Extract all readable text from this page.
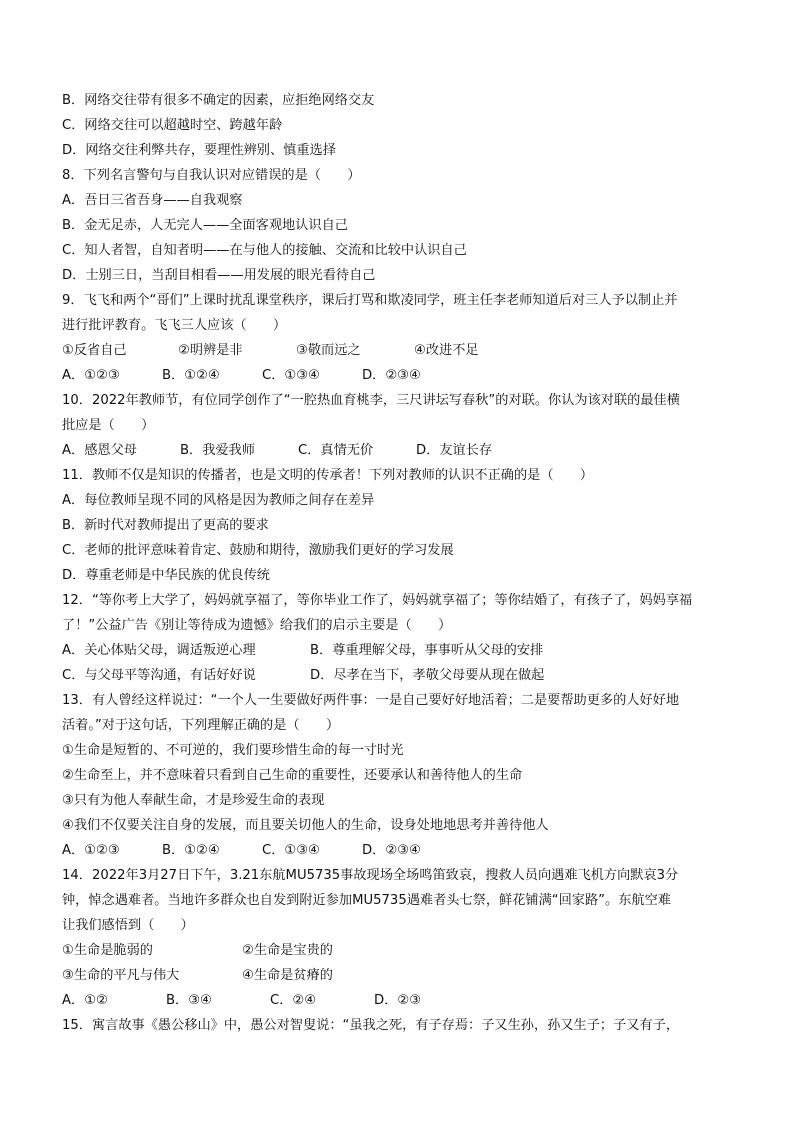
B．网络交往带有很多不确定的因素，应拒绝网络交友
C．网络交往可以超越时空、跨越年龄
D．网络交往利弊共存，要理性辨别、慎重选择
8．下列名言警句与自我认识对应错误的是（　　）
A．吾日三省吾身——自我观察
B．金无足赤，人无完人——全面客观地认识自己
C．知人者智，自知者明——在与他人的接触、交流和比较中认识自己
D．士别三日，当刮目相看——用发展的眼光看待自己
9．飞飞和两个“哥们”上课时扰乱课堂秩序，课后打骂和欺凌同学，班主任李老师知道后对三人予以制止并
进行批评教育。飞飞三人应该（　　）
①反省自己	②明辨是非	③敬而远之	④改进不足
A．①②③	B．①②④	C．①③④	D．②③④
10．2022年教师节，有位同学创作了“一腔热血育桃李，三尺讲坛写春秋”的对联。你认为该对联的最佳横
批应是（　　）
A．感恩父母	B．我爱我师	C．真情无价	D．友谊长存
11．教师不仅是知识的传播者，也是文明的传承者！下列对教师的认识不正确的是（　　）
A．每位教师呈现不同的风格是因为教师之间存在差异
B．新时代对教师提出了更高的要求
C．老师的批评意味着肯定、鼓励和期待，激励我们更好的学习发展
D．尊重老师是中华民族的优良传统
12．“等你考上大学了，妈妈就享福了，等你毕业工作了，妈妈就享福了；等你结婚了，有孩子了，妈妈享福
了！”公益广告《别让等待成为遗憾》给我们的启示主要是（　　）
A．关心体贴父母，调适叛逆心理	B．尊重理解父母，事事听从父母的安排
C．与父母平等沟通，有话好好说	D．尽孝在当下，孝敬父母要从现在做起
13．有人曾经这样说过：“一个人一生要做好两件事：一是自己要好好地活着；二是要帮助更多的人好好地
活着。”对于这句话，下列理解正确的是（　　）
①生命是短暂的、不可逆的，我们要珍惜生命的每一寸时光
②生命至上，并不意味着只看到自己生命的重要性，还要承认和善待他人的生命
③只有为他人奉献生命，才是珍爱生命的表现
④我们不仅要关注自身的发展，而且要关切他人的生命，设身处地地思考并善待他人
A．①②③	B．①②④	C．①③④	D．②③④
14．2022年3月27日下午，3.21东航MU5735事故现场全场鸣笛致哀，搜救人员向遇难飞机方向默哀3分
钟，悼念遇难者。当地许多群众也自发到附近参加MU5735遇难者头七祭，鲜花铺满“回家路”。东航空难
让我们感悟到（　　）
①生命是脆弱的	②生命是宝贵的
③生命的平凡与伟大	④生命是贫瘠的
A．①②	B．③④	C．②④	D．②③
15．寓言故事《愚公移山》中，愚公对智叟说：“虽我之死，有子存焉：子又生孙，孙又生子；子又有子，
